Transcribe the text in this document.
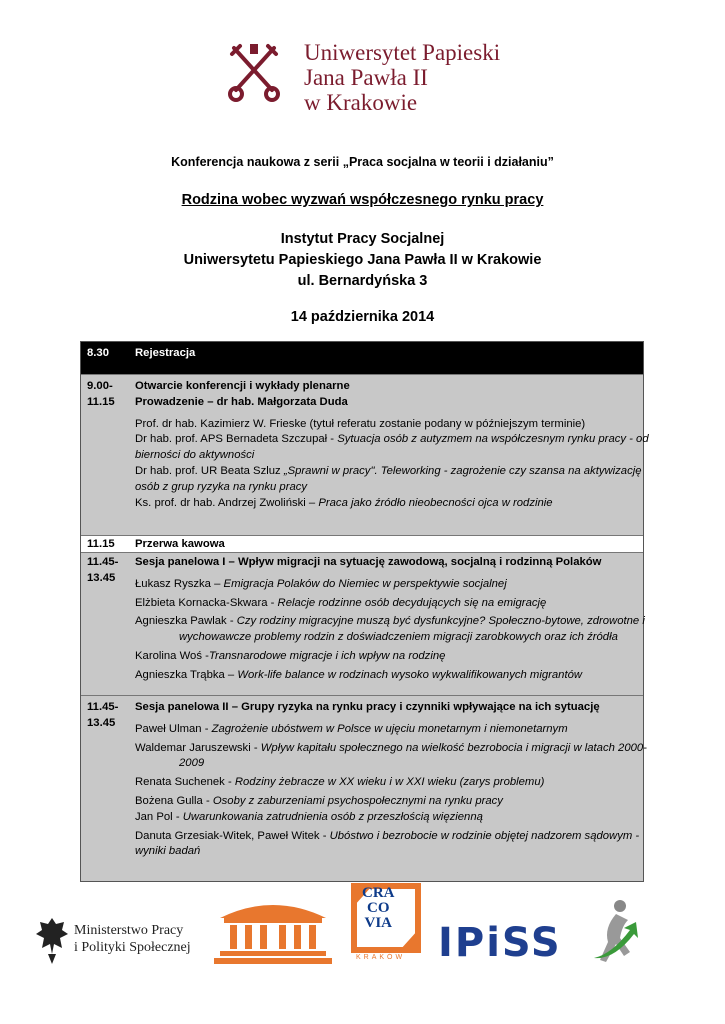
Uniwersytet Papieski
Jana Pawła II
w Krakowie
Konferencja naukowa z serii „Praca socjalna w teorii i działaniu”
Rodzina wobec wyzwań współczesnego rynku pracy
Instytut Pracy Socjalnej
Uniwersytetu Papieskiego Jana Pawła II w Krakowie
ul. Bernardyńska 3
14 października 2014
8.30	Rejestracja
9.00-
11.15
Otwarcie konferencji i wykłady plenarne
Prowadzenie – dr hab. Małgorzata Duda
Prof. dr hab. Kazimierz W. Frieske (tytuł referatu zostanie podany w późniejszym terminie)
Dr hab. prof. APS Bernadeta Szczupał - Sytuacja osób z autyzmem na współczesnym rynku pracy - od
bierności do aktywności
Dr hab. prof. UR Beata Szluz „Sprawni w pracy". Teleworking - zagrożenie czy szansa na aktywizację
osób z grup ryzyka na rynku pracy
Ks. prof. dr hab. Andrzej Zwoliński – Praca jako źródło nieobecności ojca w rodzinie
11.15	Przerwa kawowa
11.45-
13.45
Sesja panelowa I – Wpływ migracji na sytuację zawodową, socjalną i rodzinną Polaków
Łukasz Ryszka – Emigracja Polaków do Niemiec w perspektywie socjalnej
Elżbieta Kornacka-Skwara - Relacje rodzinne osób decydujących się na emigrację
Agnieszka Pawlak - Czy rodziny migracyjne muszą być dysfunkcyjne? Społeczno-bytowe, zdrowotne i
wychowawcze problemy rodzin z doświadczeniem migracji zarobkowych oraz ich źródła
Karolina Woś -Transnarodowe migracje i ich wpływ na rodzinę
Agnieszka Trąbka – Work-life balance w rodzinach wysoko wykwalifikowanych migrantów
11.45-
13.45
Sesja panelowa II – Grupy ryzyka na rynku pracy i czynniki wpływające na ich sytuację
Paweł Ulman - Zagrożenie ubóstwem w Polsce w ujęciu monetarnym i niemonetarnym
Waldemar Jaruszewski - Wpływ kapitału społecznego na wielkość bezrobocia i migracji w latach 2000-
2009
Renata Suchenek - Rodziny żebracze w XX wieku i w XXI wieku (zarys problemu)
Bożena Gulla - Osoby z zaburzeniami psychospołecznymi na rynku pracy
Jan Pol - Uwarunkowania zatrudnienia osób z przeszłością więzienną
Danuta Grzesiak-Witek, Paweł Witek - Ubóstwo i bezrobocie w rodzinie objętej nadzorem sądowym -
wyniki badań
Ministerstwo Pracy
i Polityki Społecznej
CRA
CO
VIA
KRAKÓW IPiSS
